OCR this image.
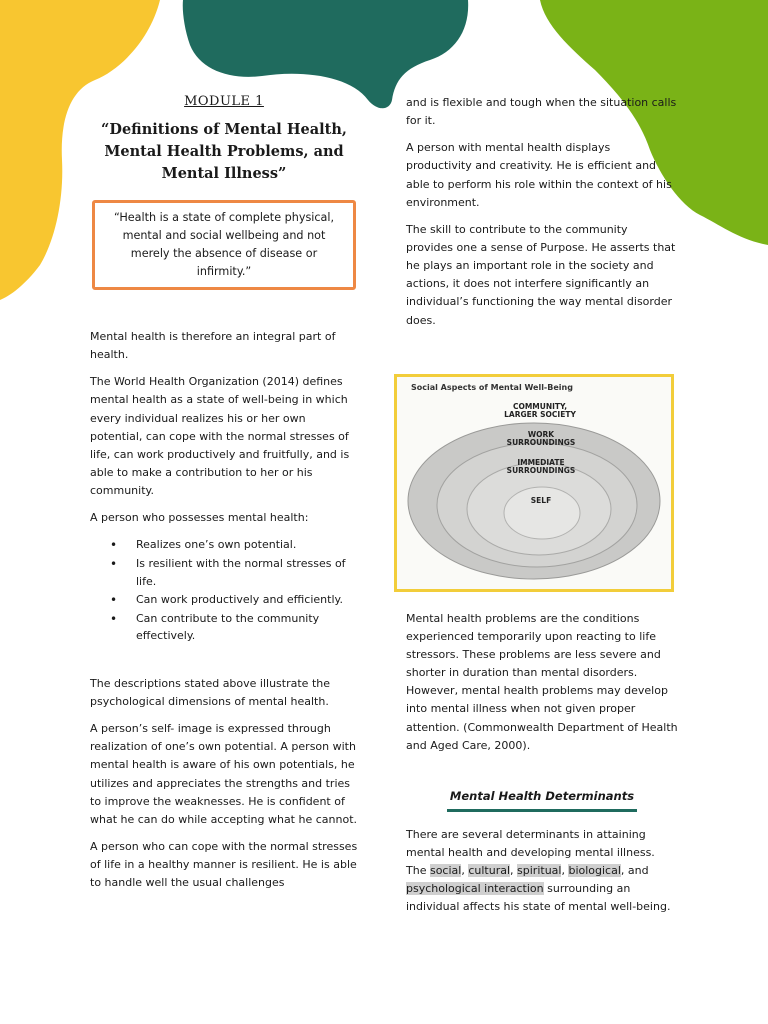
MODULE 1
“Definitions of Mental Health, Mental Health Problems, and Mental Illness”
“Health is a state of complete physical, mental and social wellbeing and not merely the absence of disease or infirmity.”

Mental health is therefore an integral part of health.

The World Health Organization (2014) defines mental health as a state of well-being in which every individual realizes his or her own potential, can cope with the normal stresses of life, can work productively and fruitfully, and is able to make a contribution to her or his community.

A person who possesses mental health:

• Realizes one’s own potential.
• Is resilient with the normal stresses of life.
• Can work productively and efficiently.
• Can contribute to the community effectively.

The descriptions stated above illustrate the psychological dimensions of mental health.

A person’s self- image is expressed through realization of one’s own potential. A person with mental health is aware of his own potentials, he utilizes and appreciates the strengths and tries to improve the weaknesses. He is confident of what he can do while accepting what he cannot.

A person who can cope with the normal stresses of life in a healthy manner is resilient. He is able to handle well the usual challenges

and is flexible and tough when the situation calls for it.

A person with mental health displays productivity and creativity. He is efficient and able to perform his role within the context of his environment.

The skill to contribute to the community provides one a sense of Purpose. He asserts that he plays an important role in the society and actions, it does not interfere significantly an individual’s functioning the way mental disorder does.

Social Aspects of Mental Well-Being
COMMUNITY, LARGER SOCIETY
WORK SURROUNDINGS
IMMEDIATE SURROUNDINGS
SELF

Mental health problems are the conditions experienced temporarily upon reacting to life stressors. These problems are less severe and shorter in duration than mental disorders. However, mental health problems may develop into mental illness when not given proper attention. (Commonwealth Department of Health and Aged Care, 2000).

Mental Health Determinants

There are several determinants in attaining mental health and developing mental illness. The social, cultural, spiritual, biological, and psychological interaction surrounding an individual affects his state of mental well-being.
